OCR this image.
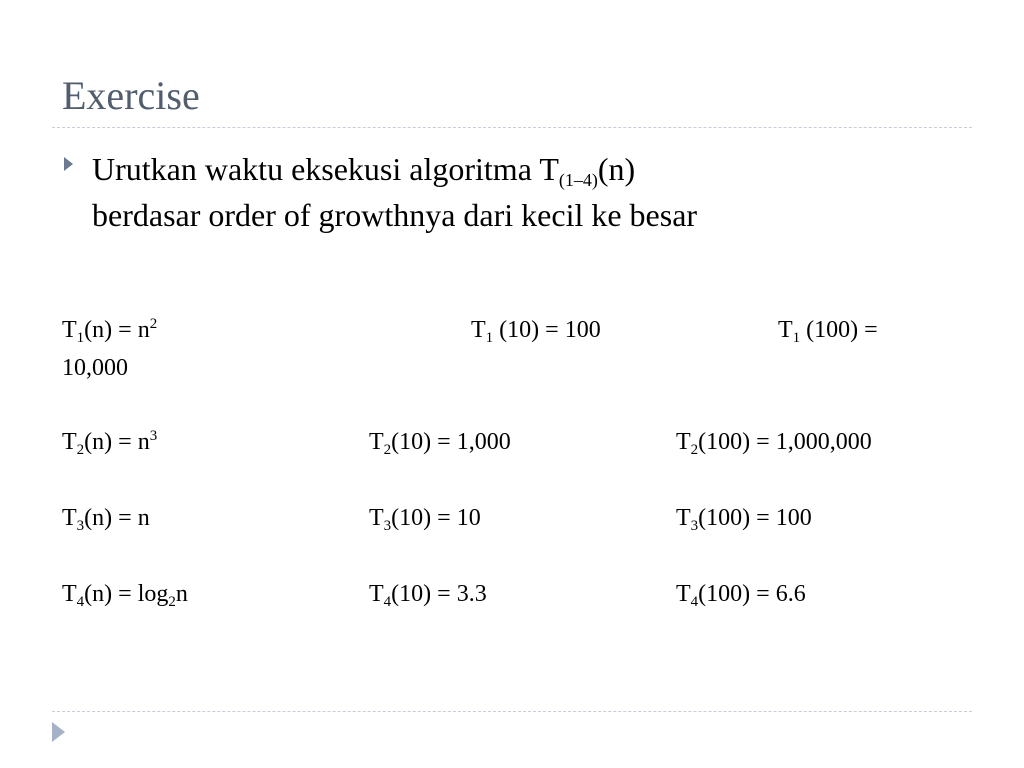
Exercise
Urutkan waktu eksekusi algoritma $T_{(1-4)}(n)$
berdasar order of growthnya dari kecil ke besar
$T_1(n) = n^2$	$T_1$ (10) = 100	$T_1$ (100) =
10,000
$T_2(n) = n^3$	$T_2(10) = 1,000$	$T_2(100) = 1,000,000$
$T_3(n) = n$	$T_3(10) = 10$	$T_3(100) = 100$
$T_4(n) = \log_2n$	$T_4(10) = 3.3$	$T_4(100) = 6.6$
